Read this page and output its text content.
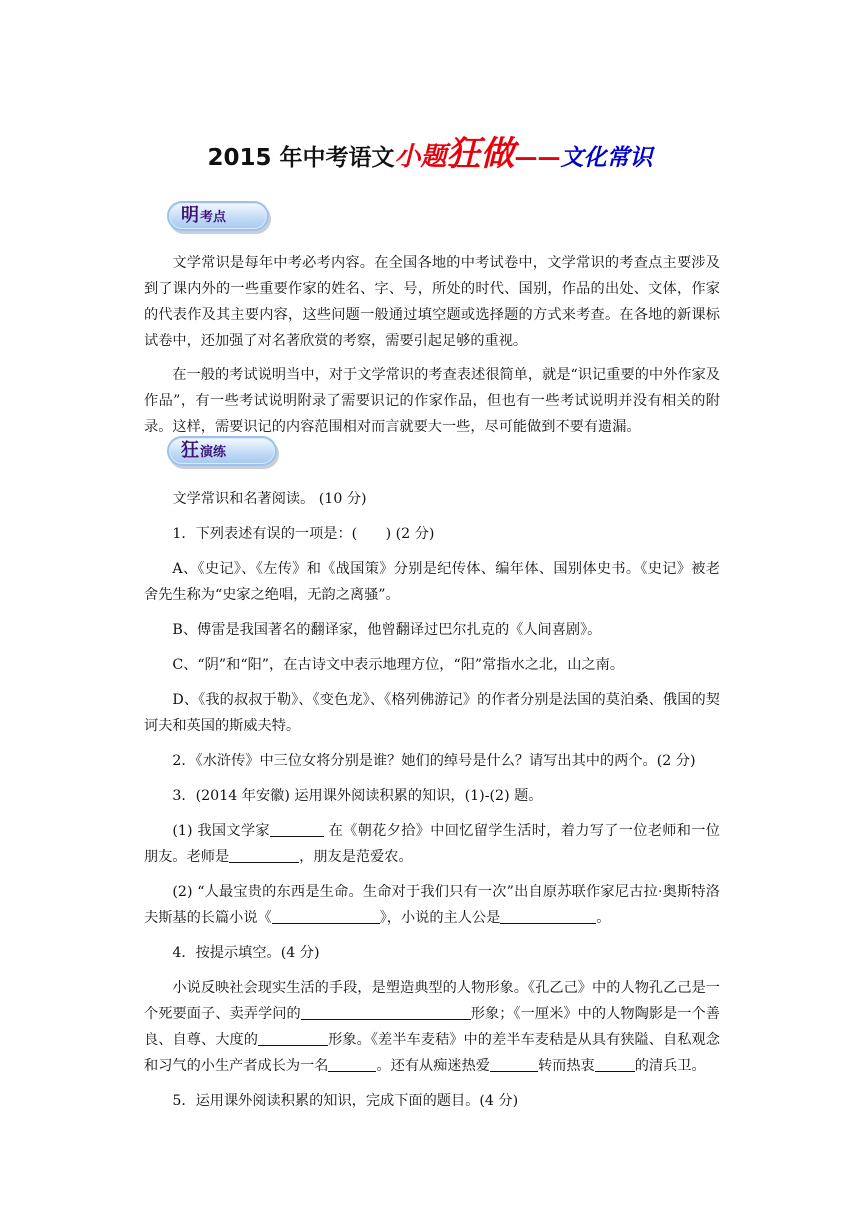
2015 年中考语文小题狂做——文化常识
明考点

文学常识是每年中考必考内容。在全国各地的中考试卷中，文学常识的考查点主要涉及到了课内外的一些重要作家的姓名、字、号，所处的时代、国别，作品的出处、文体，作家的代表作及其主要内容，这些问题一般通过填空题或选择题的方式来考查。在各地的新课标试卷中，还加强了对名著欣赏的考察，需要引起足够的重视。

在一般的考试说明当中，对于文学常识的考查表述很简单，就是“识记重要的中外作家及作品”，有一些考试说明附录了需要识记的作家作品，但也有一些考试说明并没有相关的附录。这样，需要识记的内容范围相对而言就要大一些，尽可能做到不要有遗漏。

狂演练

文学常识和名著阅读。 (10 分)

1．下列表述有误的一项是：(　　) (2 分)

A、《史记》、《左传》和《战国策》分别是纪传体、编年体、国别体史书。《史记》被老舍先生称为“史家之绝唱，无韵之离骚”。

B、傅雷是我国著名的翻译家，他曾翻译过巴尔扎克的《人间喜剧》。

C、“阴”和“阳”，在古诗文中表示地理方位，“阳”常指水之北，山之南。

D、《我的叔叔于勒》、《变色龙》、《格列佛游记》的作者分别是法国的莫泊桑、俄国的契诃夫和英国的斯威夫特。

2．《水浒传》中三位女将分别是谁？她们的绰号是什么？请写出其中的两个。(2 分)

3．(2014 年安徽) 运用课外阅读积累的知识，(1)-(2) 题。

(1) 我国文学家	在《朝花夕拾》中回忆留学生活时，着力写了一位老师和一位朋友。老师是	，朋友是范爱农。

(2) “人最宝贵的东西是生命。生命对于我们只有一次”出自原苏联作家尼古拉·奥斯特洛夫斯基的长篇小说《	》，小说的主人公是	。

4．按提示填空。(4 分)

小说反映社会现实生活的手段，是塑造典型的人物形象。《孔乙己》中的人物孔乙己是一个死要面子、卖弄学问的	形象；《一厘米》中的人物陶影是一个善良、自尊、大度的	形象。《差半车麦秸》中的差半车麦秸是从具有狭隘、自私观念和习气的小生产者成长为一名	。还有从痴迷热爱	转而热衷	的清兵卫。

5．运用课外阅读积累的知识，完成下面的题目。(4 分)
